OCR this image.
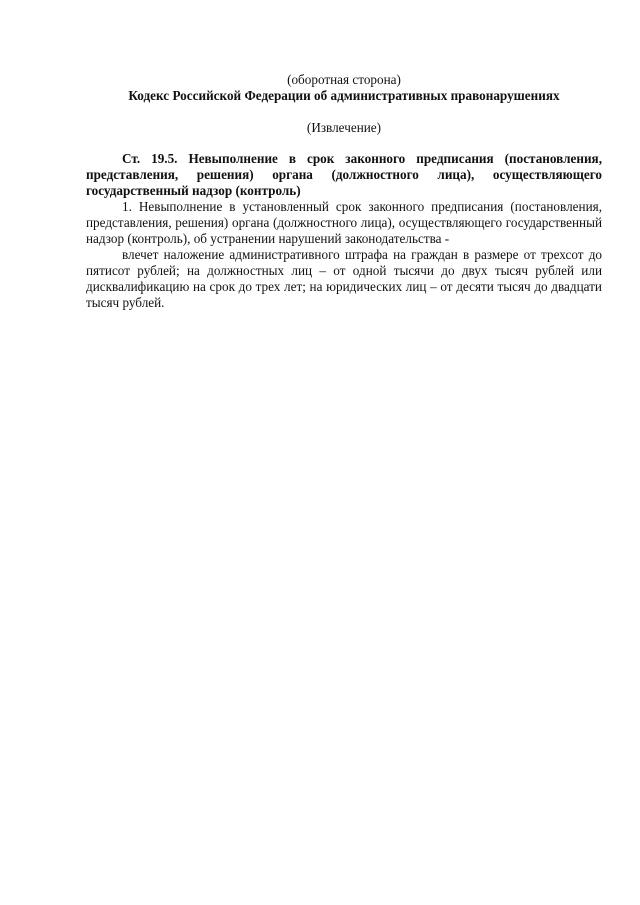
(оборотная сторона)
Кодекс Российской Федерации об административных правонарушениях
(Извлечение)
Ст. 19.5. Невыполнение в срок законного предписания (постановления, представления, решения) органа (должностного лица), осуществляющего государственный надзор (контроль)

1. Невыполнение в установленный срок законного предписания (постановления, представления, решения) органа (должностного лица), осуществляющего государственный надзор (контроль), об устранении нарушений законодательства -

влечет наложение административного штрафа на граждан в размере от трехсот до пятисот рублей; на должностных лиц – от одной тысячи до двух тысяч рублей или дисквалификацию на срок до трех лет; на юридических лиц – от десяти тысяч до двадцати тысяч рублей.
